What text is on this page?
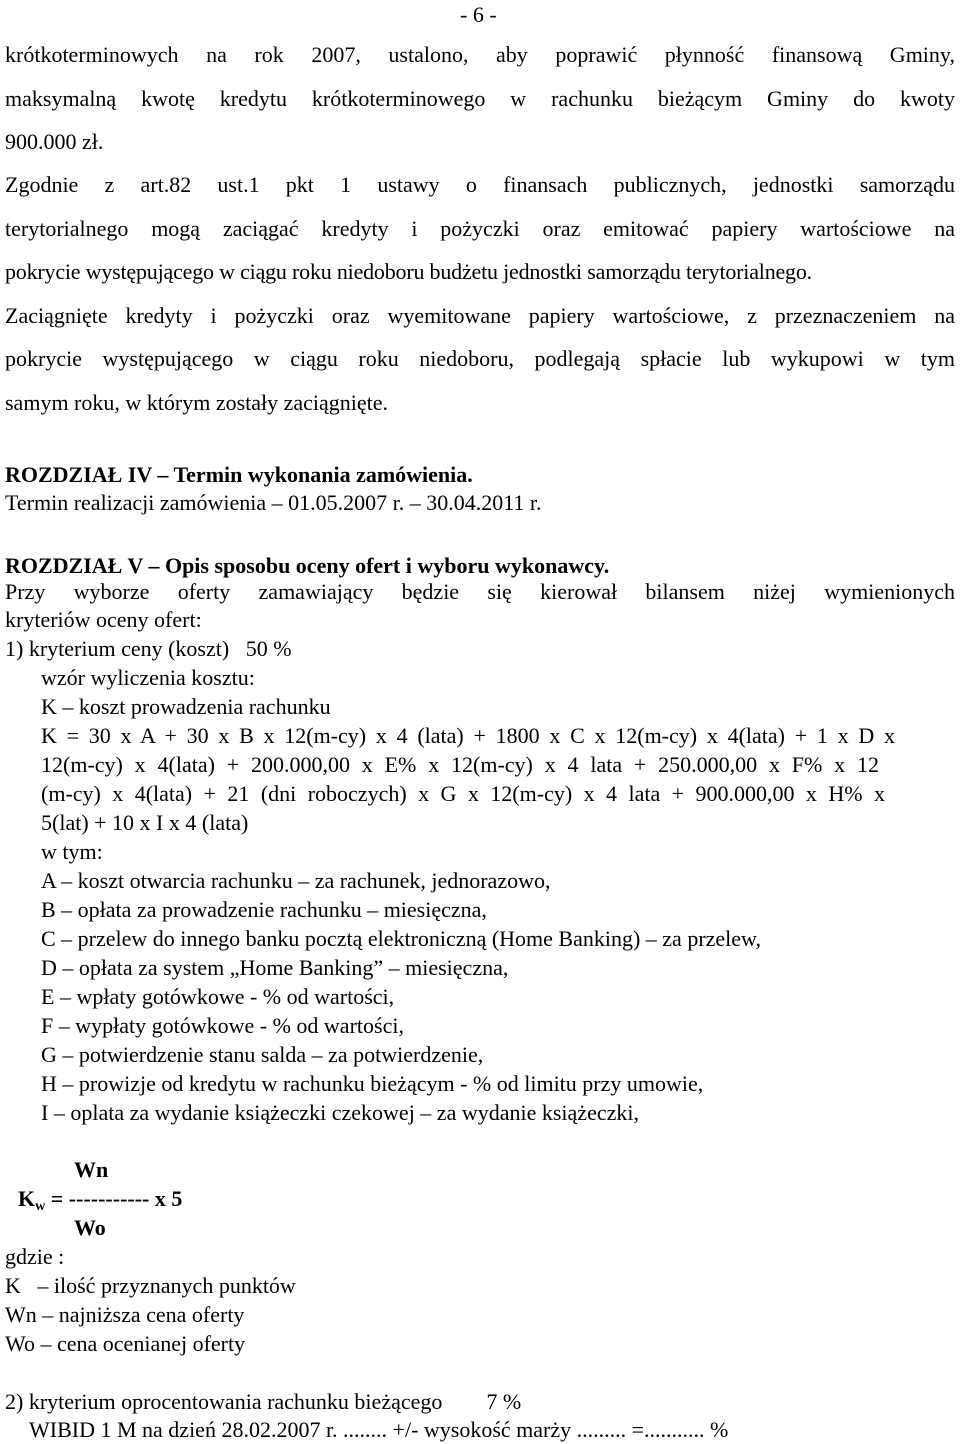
- 6 -
krótkoterminowych na rok 2007, ustalono, aby poprawić płynność finansową Gminy,
maksymalną kwotę kredytu krótkoterminowego w rachunku bieżącym Gminy do kwoty
900.000 zł.
Zgodnie z art.82 ust.1 pkt 1 ustawy o finansach publicznych, jednostki samorządu
terytorialnego mogą zaciągać kredyty i pożyczki oraz emitować papiery wartościowe na
pokrycie występującego w ciągu roku niedoboru budżetu jednostki samorządu terytorialnego.
Zaciągnięte kredyty i pożyczki oraz wyemitowane papiery wartościowe, z przeznaczeniem na
pokrycie występującego w ciągu roku niedoboru, podlegają spłacie lub wykupowi w tym
samym roku, w którym zostały zaciągnięte.
ROZDZIAŁ IV – Termin wykonania zamówienia.
Termin realizacji zamówienia – 01.05.2007 r. – 30.04.2011 r.
ROZDZIAŁ V – Opis sposobu oceny ofert i wyboru wykonawcy.
Przy wyborze oferty zamawiający będzie się kierował bilansem niżej wymienionych
kryteriów oceny ofert:
1) kryterium ceny (koszt)   50 %
wzór wyliczenia kosztu:
K – koszt prowadzenia rachunku
K = 30 x A + 30 x B x 12(m-cy) x 4 (lata) + 1800 x C x 12(m-cy) x 4(lata) + 1 x D x
12(m-cy) x 4(lata) + 200.000,00 x E% x 12(m-cy) x 4 lata + 250.000,00 x F% x 12
(m-cy) x 4(lata) + 21 (dni roboczych) x G x 12(m-cy) x 4 lata + 900.000,00 x H% x
5(lat) + 10 x I x 4 (lata)
w tym:
A – koszt otwarcia rachunku – za rachunek, jednorazowo,
B – opłata za prowadzenie rachunku – miesięczna,
C – przelew do innego banku pocztą elektroniczną (Home Banking) – za przelew,
D – opłata za system „Home Banking” – miesięczna,
E – wpłaty gotówkowe - % od wartości,
F – wypłaty gotówkowe - % od wartości,
G – potwierdzenie stanu salda – za potwierdzenie,
H – prowizje od kredytu w rachunku bieżącym - % od limitu przy umowie,
I – oplata za wydanie książeczki czekowej – za wydanie książeczki,
Wn
$K_w$ = ----------- x 5
Wo
gdzie :
K   – ilość przyznanych punktów
Wn – najniższa cena oferty
Wo – cena ocenianej oferty
2) kryterium oprocentowania rachunku bieżącego        7 %
WIBID 1 M na dzień 28.02.2007 r. ........ +/- wysokość marży ......... =........... %
